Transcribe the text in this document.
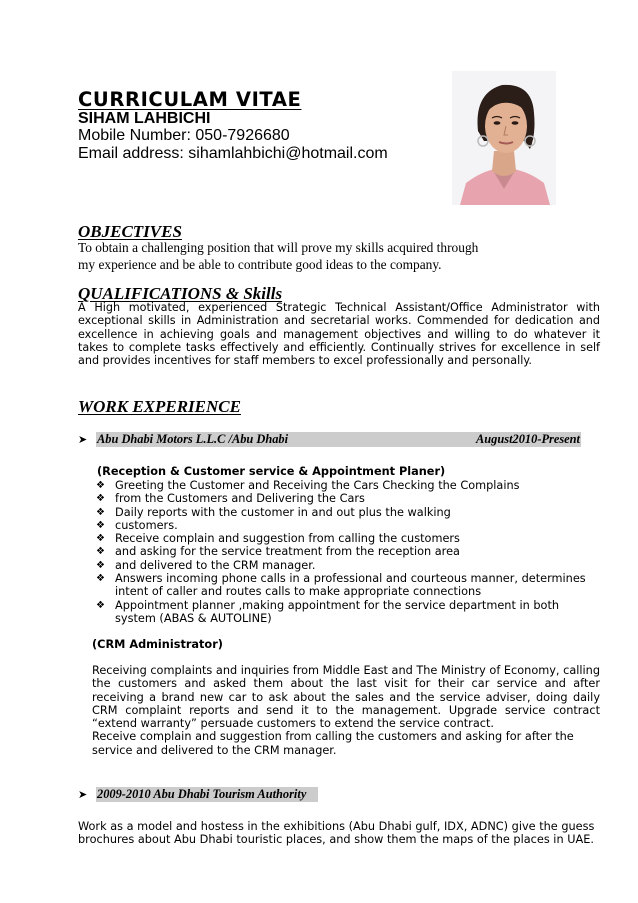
CURRICULAM VITAE
SIHAM LAHBICHI
Mobile Number: 050-7926680
Email address: sihamlahbichi@hotmail.com
OBJECTIVES
To obtain a challenging position that will prove my skills acquired through my experience and be able to contribute good ideas to the company.
QUALIFICATIONS & Skills
A High motivated, experienced Strategic Technical Assistant/Office Administrator with exceptional skills in Administration and secretarial works. Commended for dedication and excellence in achieving goals and management objectives and willing to do whatever it takes to complete tasks effectively and efficiently. Continually strives for excellence in self and provides incentives for staff members to excel professionally and personally.
WORK EXPERIENCE
➤ Abu Dhabi Motors L.L.C /Abu Dhabi	August2010-Present
(Reception & Customer service & Appointment Planer)
❖ Greeting the Customer and Receiving the Cars Checking the Complains
❖ from the Customers and Delivering the Cars
❖ Daily reports with the customer in and out plus the walking
❖ customers.
❖ Receive complain and suggestion from calling the customers
❖ and asking for the service treatment from the reception area
❖ and delivered to the CRM manager.
❖ Answers incoming phone calls in a professional and courteous manner, determines intent of caller and routes calls to make appropriate connections
❖ Appointment planner ,making appointment for the service department in both system (ABAS & AUTOLINE)
(CRM Administrator)

Receiving complaints and inquiries from Middle East and The Ministry of Economy, calling the customers and asked them about the last visit for their car service and after receiving a brand new car to ask about the sales and the service adviser, doing daily CRM complaint reports and send it to the management. Upgrade service contract “extend warranty” persuade customers to extend the service contract.

Receive complain and suggestion from calling the customers and asking for after the service and delivered to the CRM manager.

➤ 2009-2010 Abu Dhabi Tourism Authority
Work as a model and hostess in the exhibitions (Abu Dhabi gulf, IDX, ADNC) give the guess brochures about Abu Dhabi touristic places, and show them the maps of the places in UAE.
